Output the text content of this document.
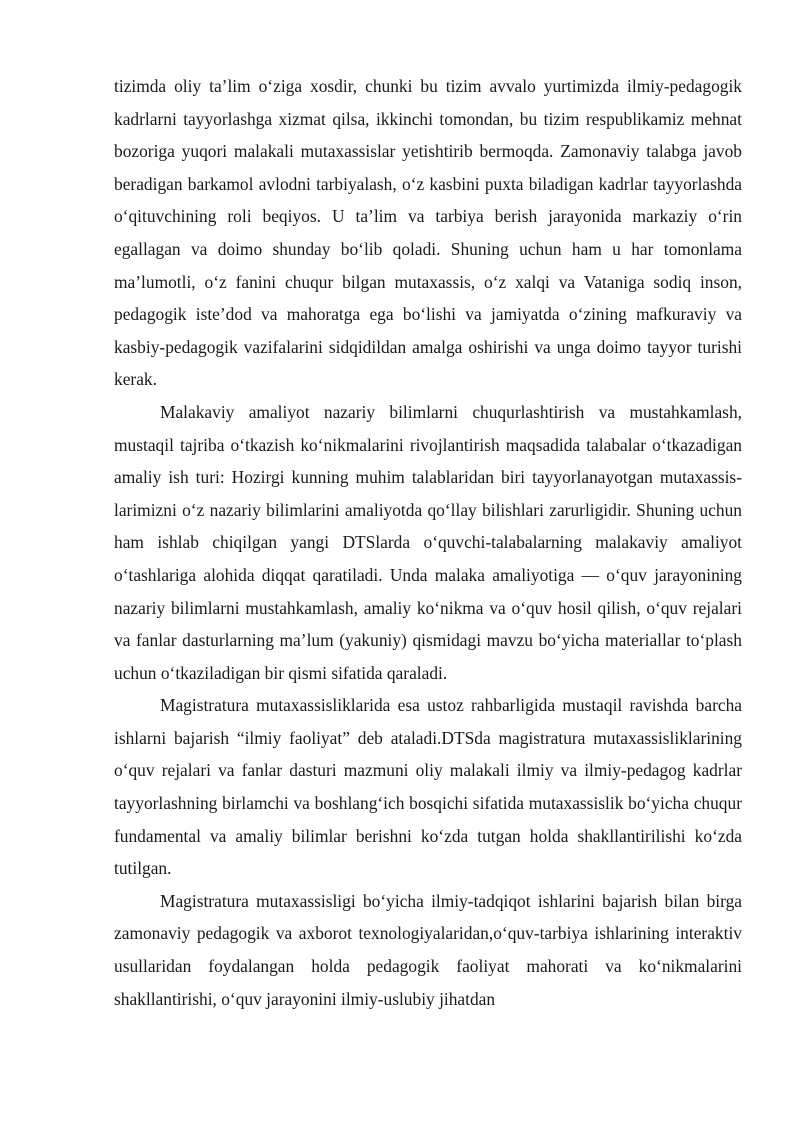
tizimda oliy ta’lim o‘ziga xosdir, chunki bu tizim avvalo yurtimizda ilmiy-pedagogik kadrlarni tayyorlashga xizmat qilsa, ikkinchi tomondan, bu tizim respublikamiz mehnat bozoriga yuqori malakali mutaxassislar yetishtirib bermoqda. Zamonaviy talabga javob beradigan barkamol avlodni tarbiyalash, o‘z kasbini puxta biladigan kadrlar tayyorlashda o‘qituvchining roli beqiyos. U ta’lim va tarbiya berish jarayonida markaziy o‘rin egallagan va doimo shunday bo‘lib qoladi. Shuning uchun ham u har tomonlama ma’lumotli, o‘z fanini chuqur bilgan mutaxassis, o‘z xalqi va Vataniga sodiq inson, pedagogik iste’dod va mahoratga ega bo‘lishi va jamiyatda o‘zining mafkuraviy va kasbiy-pedagogik vazifalarini sidqidildan amalga oshirishi va unga doimo tayyor turishi kerak.

Malakaviy amaliyot nazariy bilimlarni chuqurlashtirish va mustahkamlash, mustaqil tajriba o‘tkazish ko‘nikmalarini rivojlantirish maqsadida talabalar o‘tkazadigan amaliy ish turi: Hozirgi kunning muhim talablaridan biri tayyorlanayotgan mutaxassis-larimizni o‘z nazariy bilimlarini amaliyotda qo‘llay bilishlari zarurligidir. Shuning uchun ham ishlab chiqilgan yangi DTSlarda o‘quvchi-talabalarning malakaviy amaliyot o‘tashlariga alohida diqqat qaratiladi. Unda malaka amaliyotiga — o‘quv jarayonining nazariy bilimlarni mustahkamlash, amaliy ko‘nikma va o‘quv hosil qilish, o‘quv rejalari va fanlar dasturlarning ma’lum (yakuniy) qismidagi mavzu bo‘yicha materiallar to‘plash uchun o‘tkaziladigan bir qismi sifatida qaraladi.

Magistratura mutaxassisliklarida esa ustoz rahbarligida mustaqil ravishda barcha ishlarni bajarish “ilmiy faoliyat” deb ataladi.DTSda magistratura mutaxassisliklarining o‘quv rejalari va fanlar dasturi mazmuni oliy malakali ilmiy va ilmiy-pedagog kadrlar tayyorlashning birlamchi va boshlang‘ich bosqichi sifatida mutaxassislik bo‘yicha chuqur fundamental va amaliy bilimlar berishni ko‘zda tutgan holda shakllantirilishi ko‘zda tutilgan.

Magistratura mutaxassisligi bo‘yicha ilmiy-tadqiqot ishlarini bajarish bilan birga zamonaviy pedagogik va axborot texnologiyalaridan,o‘quv-tarbiya ishlarining interaktiv usullaridan foydalangan holda pedagogik faoliyat mahorati va ko‘nikmalarini shakllantirishi, o‘quv jarayonini ilmiy-uslubiy jihatdan
